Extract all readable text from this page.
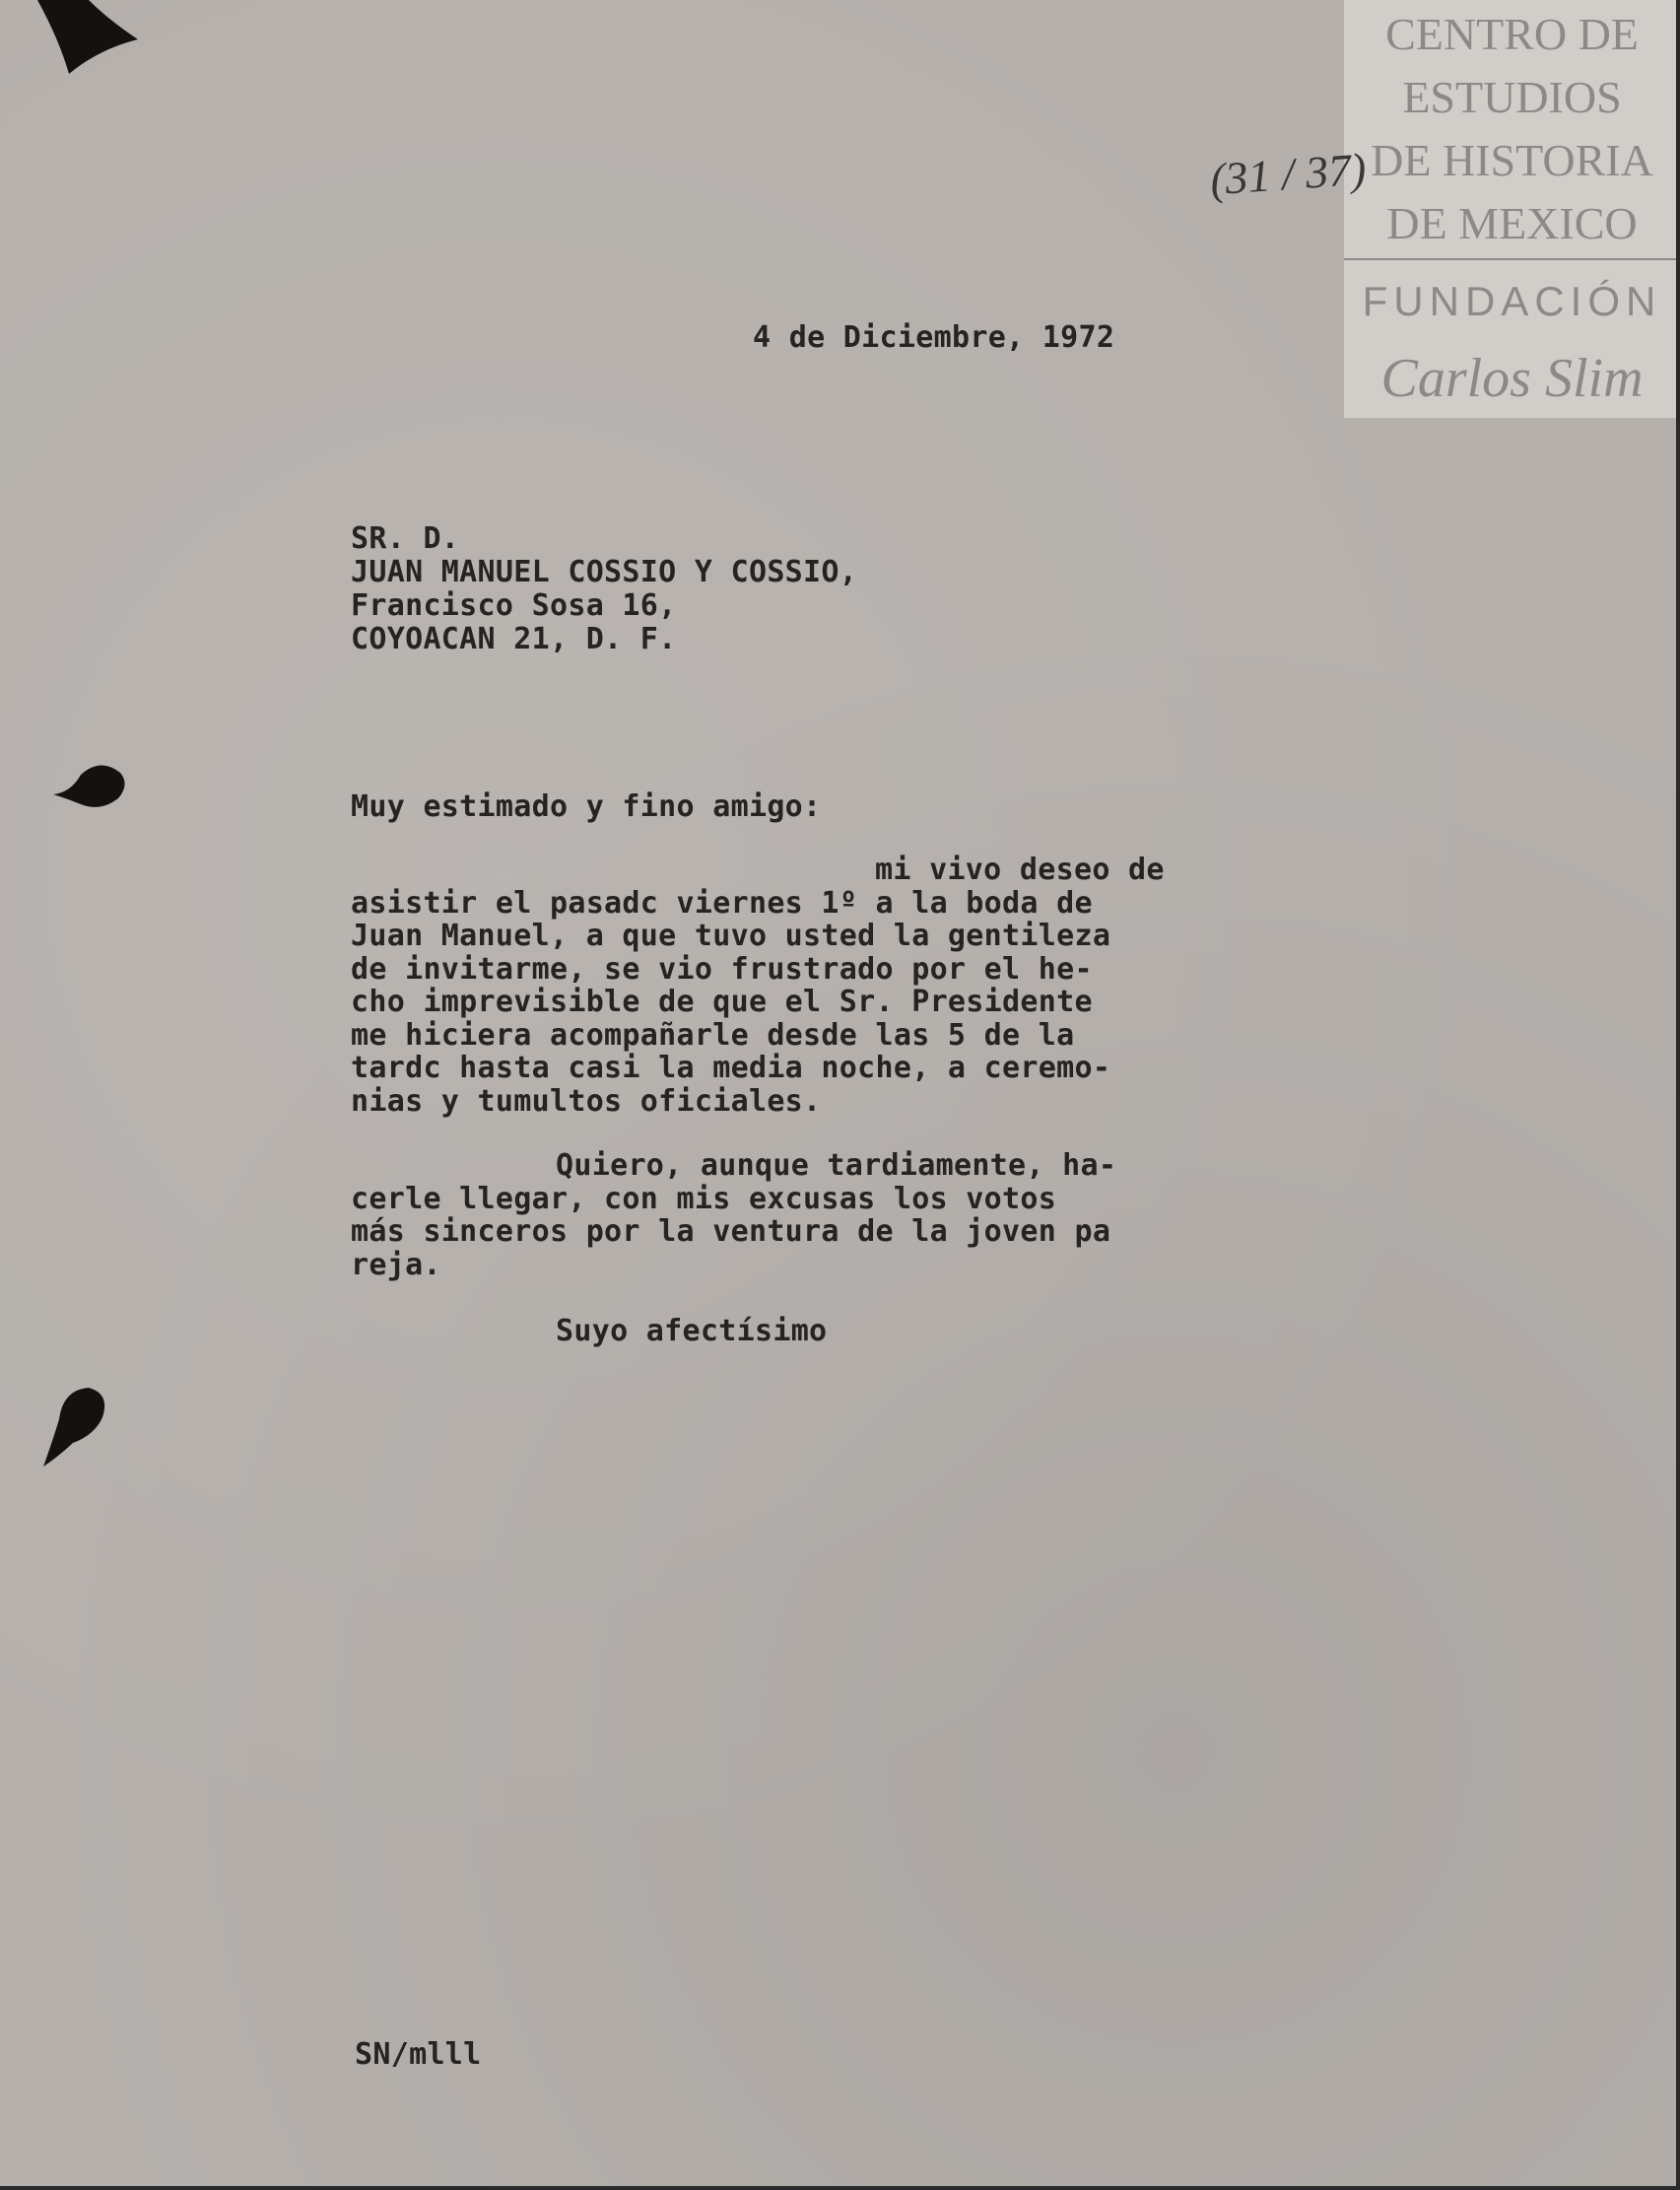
CENTRO DE
ESTUDIOS
DE HISTORIA
DE MEXICO
FUNDACIÓN
Carlos Slim
(31 / 37)
4 de Diciembre, 1972
SR. D.
JUAN MANUEL COSSIO Y COSSIO,
Francisco Sosa 16,
COYOACAN 21, D. F.
Muy estimado y fino amigo:
mi vivo deseo de
asistir el pasadc viernes 1º a la boda de
Juan Manuel, a que tuvo usted la gentileza
de invitarme, se vio frustrado por el he-
cho imprevisible de que el Sr. Presidente
me hiciera acompañarle desde las 5 de la
tardc hasta casi la media noche, a ceremo-
nias y tumultos oficiales.
Quiero, aunque tardiamente, ha-
cerle llegar, con mis excusas los votos
más sinceros por la ventura de la joven pa
reja.
Suyo afectísimo
SN/mlll
